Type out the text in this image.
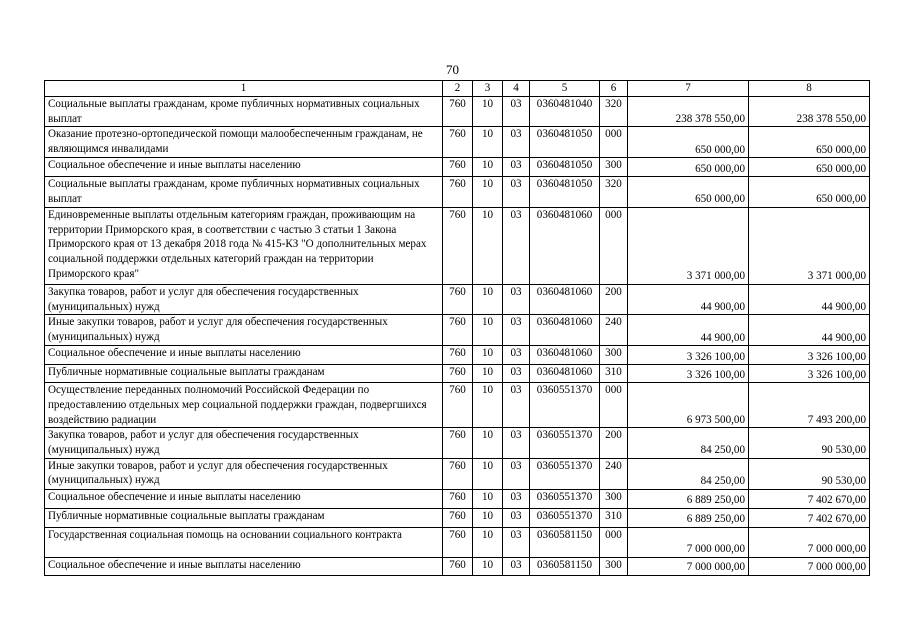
70
1	2	3	4	5	6	7	8
Социальные выплаты гражданам, кроме публичных нормативных социальных выплат	760	10	03	0360481040	320	238 378 550,00	238 378 550,00
Оказание протезно-ортопедической помощи малообеспеченным гражданам, не являющимся инвалидами	760	10	03	0360481050	000	650 000,00	650 000,00
Социальное обеспечение и иные выплаты населению	760	10	03	0360481050	300	650 000,00	650 000,00
Социальные выплаты гражданам, кроме публичных нормативных социальных выплат	760	10	03	0360481050	320	650 000,00	650 000,00
Единовременные выплаты отдельным категориям граждан, проживающим на территории Приморского края, в соответствии с частью 3 статьи 1 Закона Приморского края от 13 декабря 2018 года № 415-КЗ "О дополнительных мерах социальной поддержки отдельных категорий граждан на территории Приморского края"	760	10	03	0360481060	000	3 371 000,00	3 371 000,00
Закупка товаров, работ и услуг для обеспечения государственных (муниципальных) нужд	760	10	03	0360481060	200	44 900,00	44 900,00
Иные закупки товаров, работ и услуг для обеспечения государственных (муниципальных) нужд	760	10	03	0360481060	240	44 900,00	44 900,00
Социальное обеспечение и иные выплаты населению	760	10	03	0360481060	300	3 326 100,00	3 326 100,00
Публичные нормативные социальные выплаты гражданам	760	10	03	0360481060	310	3 326 100,00	3 326 100,00
Осуществление переданных полномочий Российской Федерации по предоставлению отдельных мер социальной поддержки граждан, подвергшихся воздействию радиации	760	10	03	0360551370	000	6 973 500,00	7 493 200,00
Закупка товаров, работ и услуг для обеспечения государственных (муниципальных) нужд	760	10	03	0360551370	200	84 250,00	90 530,00
Иные закупки товаров, работ и услуг для обеспечения государственных (муниципальных) нужд	760	10	03	0360551370	240	84 250,00	90 530,00
Социальное обеспечение и иные выплаты населению	760	10	03	0360551370	300	6 889 250,00	7 402 670,00
Публичные нормативные социальные выплаты гражданам	760	10	03	0360551370	310	6 889 250,00	7 402 670,00
Государственная социальная помощь на основании социального контракта	760	10	03	0360581150	000	7 000 000,00	7 000 000,00
Социальное обеспечение и иные выплаты населению	760	10	03	0360581150	300	7 000 000,00	7 000 000,00
